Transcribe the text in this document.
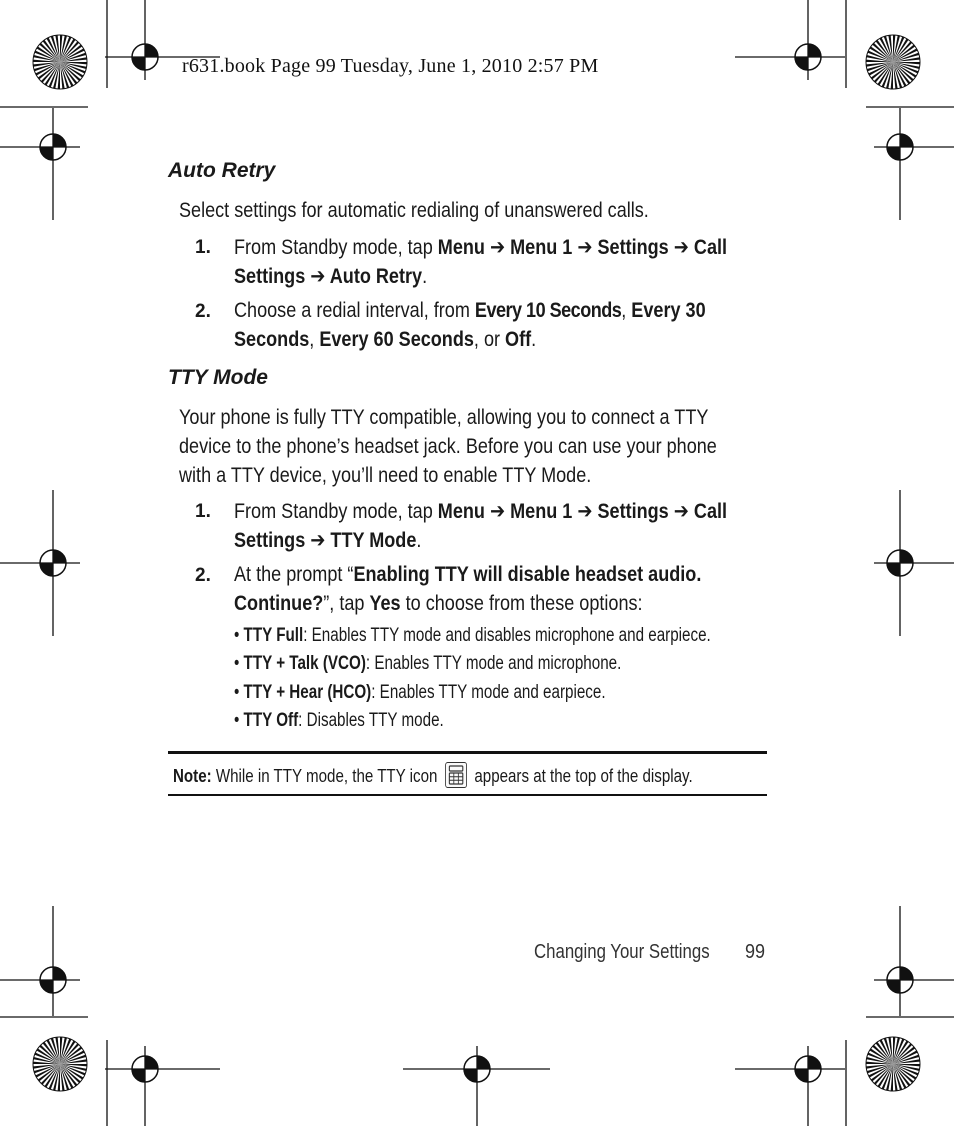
r631.book Page 99 Tuesday, June 1, 2010 2:57 PM
Auto Retry
Select settings for automatic redialing of unanswered calls.
1. From Standby mode, tap Menu ➔ Menu 1 ➔ Settings ➔ Call
Settings ➔ Auto Retry.
2. Choose a redial interval, from Every 10 Seconds, Every 30
Seconds, Every 60 Seconds, or Off.
TTY Mode
Your phone is fully TTY compatible, allowing you to connect a TTY
device to the phone’s headset jack. Before you can use your phone
with a TTY device, you’ll need to enable TTY Mode.
1. From Standby mode, tap Menu ➔ Menu 1 ➔ Settings ➔ Call
Settings ➔ TTY Mode.
2. At the prompt “Enabling TTY will disable headset audio.
Continue?”, tap Yes to choose from these options:
• TTY Full: Enables TTY mode and disables microphone and earpiece.
• TTY + Talk (VCO): Enables TTY mode and microphone.
• TTY + Hear (HCO): Enables TTY mode and earpiece.
• TTY Off: Disables TTY mode.
Note: While in TTY mode, the TTY icon
appears at the top of the display.
Changing Your Settings	99
